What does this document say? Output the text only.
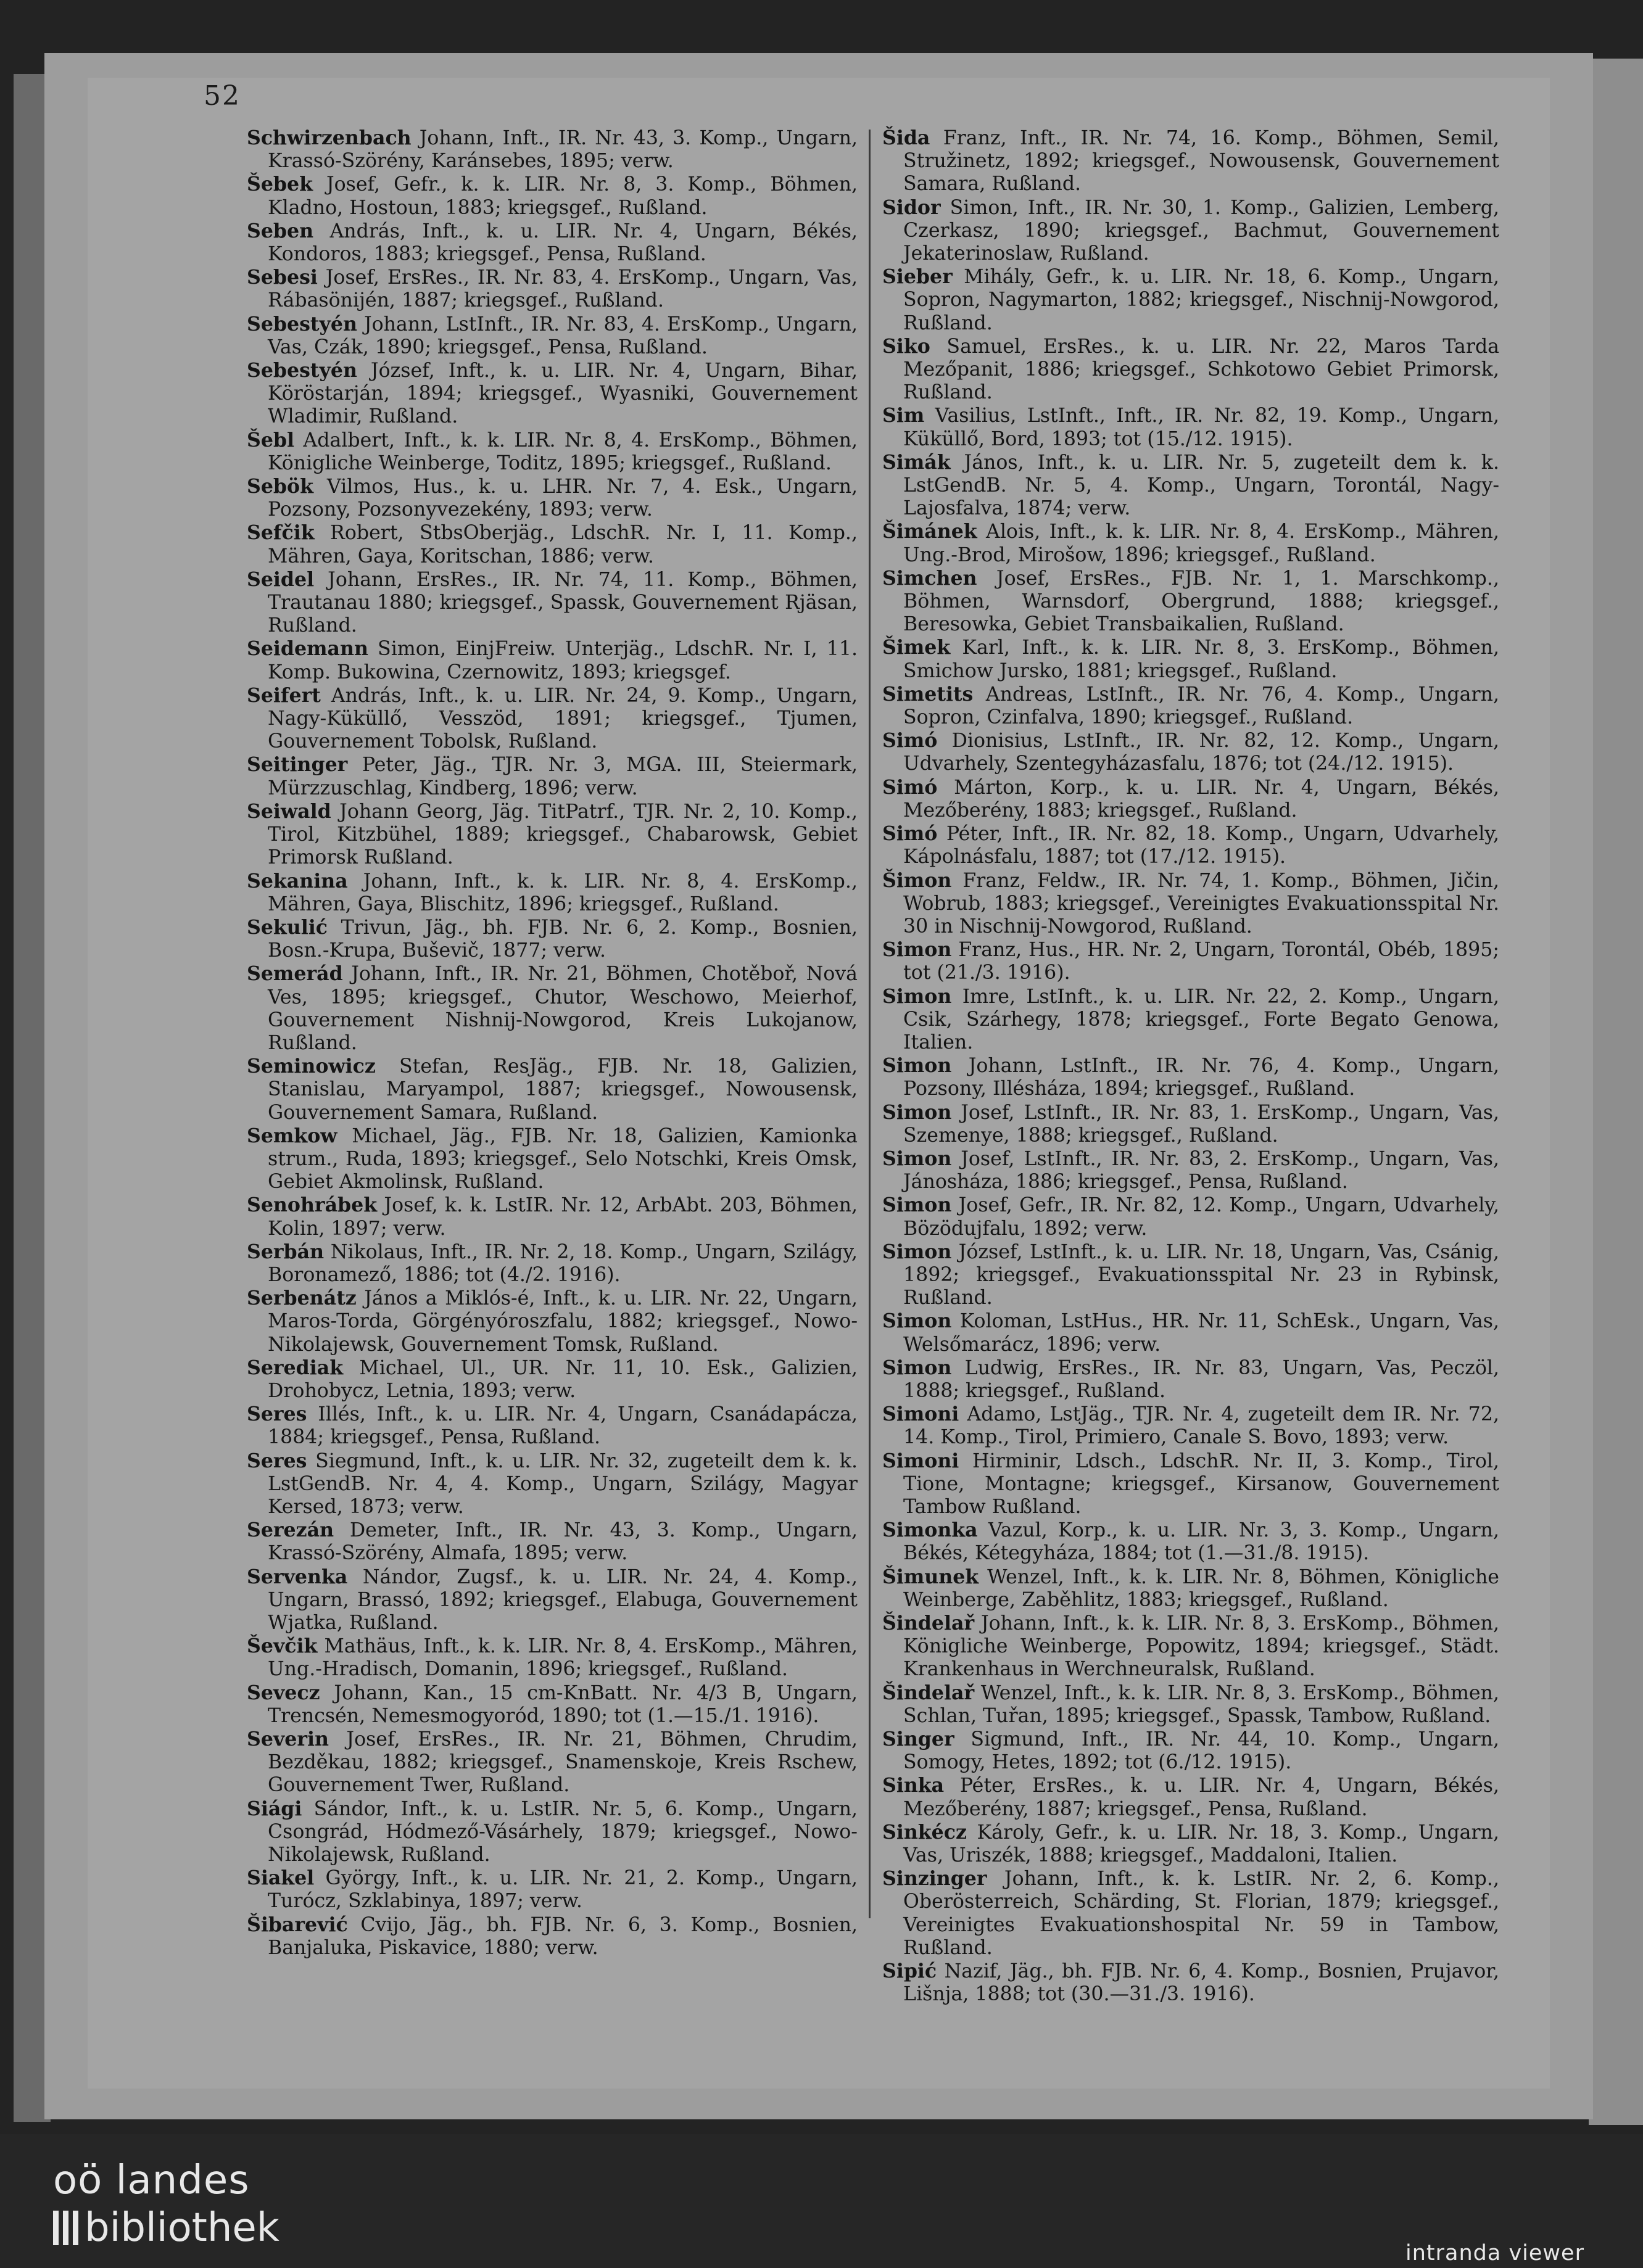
52

Schwirzenbach Johann, Inft., IR. Nr. 43, 3. Komp., Ungarn, Krassó-Szörény, Karánsebes, 1895; verw.

Šebek Josef, Gefr., k. k. LIR. Nr. 8, 3. Komp., Böhmen, Kladno, Hostoun, 1883; kriegsgef., Rußland.

Seben András, Inft., k. u. LIR. Nr. 4, Ungarn, Békés, Kondoros, 1883; kriegsgef., Pensa, Rußland.

Sebesi Josef, ErsRes., IR. Nr. 83, 4. ErsKomp., Ungarn, Vas, Rábasönijén, 1887; kriegsgef., Rußland.

Sebestyén Johann, LstInft., IR. Nr. 83, 4. ErsKomp., Ungarn, Vas, Czák, 1890; kriegsgef., Pensa, Rußland.

Sebestyén József, Inft., k. u. LIR. Nr. 4, Ungarn, Bihar, Köröstarján, 1894; kriegsgef., Wyasniki, Gouvernement Wladimir, Rußland.

Šebl Adalbert, Inft., k. k. LIR. Nr. 8, 4. ErsKomp., Böhmen, Königliche Weinberge, Toditz, 1895; kriegsgef., Rußland.

Sebök Vilmos, Hus., k. u. LHR. Nr. 7, 4. Esk., Ungarn, Pozsony, Pozsonyvezekény, 1893; verw.

Sefčik Robert, StbsOberjäg., LdschR. Nr. I, 11. Komp., Mähren, Gaya, Koritschan, 1886; verw.

Seidel Johann, ErsRes., IR. Nr. 74, 11. Komp., Böhmen, Trautanau 1880; kriegsgef., Spassk, Gouvernement Rjäsan, Rußland.

Seidemann Simon, EinjFreiw. Unterjäg., LdschR. Nr. I, 11. Komp. Bukowina, Czernowitz, 1893; kriegsgef.

Seifert András, Inft., k. u. LIR. Nr. 24, 9. Komp., Ungarn, Nagy-Küküllő, Vesszöd, 1891; kriegsgef., Tjumen, Gouvernement Tobolsk, Rußland.

Seitinger Peter, Jäg., TJR. Nr. 3, MGA. III, Steiermark, Mürzzuschlag, Kindberg, 1896; verw.

Seiwald Johann Georg, Jäg. TitPatrf., TJR. Nr. 2, 10. Komp., Tirol, Kitzbühel, 1889; kriegsgef., Chabarowsk, Gebiet Primorsk Rußland.

Sekanina Johann, Inft., k. k. LIR. Nr. 8, 4. ErsKomp., Mähren, Gaya, Blischitz, 1896; kriegsgef., Rußland.

Sekulić Trivun, Jäg., bh. FJB. Nr. 6, 2. Komp., Bosnien, Bosn.-Krupa, Buševič, 1877; verw.

Semerád Johann, Inft., IR. Nr. 21, Böhmen, Chotěboř, Nová Ves, 1895; kriegsgef., Chutor, Weschowo, Meierhof, Gouvernement Nishnij-Nowgorod, Kreis Lukojanow, Rußland.

Seminowicz Stefan, ResJäg., FJB. Nr. 18, Galizien, Stanislau, Maryampol, 1887; kriegsgef., Nowousensk, Gouvernement Samara, Rußland.

Semkow Michael, Jäg., FJB. Nr. 18, Galizien, Kamionka strum., Ruda, 1893; kriegsgef., Selo Notschki, Kreis Omsk, Gebiet Akmolinsk, Rußland.

Senohrábek Josef, k. k. LstIR. Nr. 12, ArbAbt. 203, Böhmen, Kolin, 1897; verw.

Serbán Nikolaus, Inft., IR. Nr. 2, 18. Komp., Ungarn, Szilágy, Boronamező, 1886; tot (4./2. 1916).

Serbenátz János a Miklós-é, Inft., k. u. LIR. Nr. 22, Ungarn, Maros-Torda, Görgényóroszfalu, 1882; kriegsgef., Nowo-Nikolajewsk, Gouvernement Tomsk, Rußland.

Serediak Michael, Ul., UR. Nr. 11, 10. Esk., Galizien, Drohobycz, Letnia, 1893; verw.

Seres Illés, Inft., k. u. LIR. Nr. 4, Ungarn, Csanádapácza, 1884; kriegsgef., Pensa, Rußland.

Seres Siegmund, Inft., k. u. LIR. Nr. 32, zugeteilt dem k. k. LstGendB. Nr. 4, 4. Komp., Ungarn, Szilágy, Magyar Kersed, 1873; verw.

Serezán Demeter, Inft., IR. Nr. 43, 3. Komp., Ungarn, Krassó-Szörény, Almafa, 1895; verw.

Servenka Nándor, Zugsf., k. u. LIR. Nr. 24, 4. Komp., Ungarn, Brassó, 1892; kriegsgef., Elabuga, Gouvernement Wjatka, Rußland.

Ševčik Mathäus, Inft., k. k. LIR. Nr. 8, 4. ErsKomp., Mähren, Ung.-Hradisch, Domanin, 1896; kriegsgef., Rußland.

Sevecz Johann, Kan., 15 cm-KnBatt. Nr. 4/3 B, Ungarn, Trencsén, Nemesmogyoród, 1890; tot (1.—15./1. 1916).

Severin Josef, ErsRes., IR. Nr. 21, Böhmen, Chrudim, Bezděkau, 1882; kriegsgef., Snamenskoje, Kreis Rschew, Gouvernement Twer, Rußland.

Siági Sándor, Inft., k. u. LstIR. Nr. 5, 6. Komp., Ungarn, Csongrád, Hódmező-Vásárhely, 1879; kriegsgef., Nowo-Nikolajewsk, Rußland.

Siakel György, Inft., k. u. LIR. Nr. 21, 2. Komp., Ungarn, Turócz, Szklabinya, 1897; verw.

Šibarević Cvijo, Jäg., bh. FJB. Nr. 6, 3. Komp., Bosnien, Banjaluka, Piskavice, 1880; verw.

Šida Franz, Inft., IR. Nr. 74, 16. Komp., Böhmen, Semil, Stružinetz, 1892; kriegsgef., Nowousensk, Gouvernement Samara, Rußland.

Sidor Simon, Inft., IR. Nr. 30, 1. Komp., Galizien, Lemberg, Czerkasz, 1890; kriegsgef., Bachmut, Gouvernement Jekaterinoslaw, Rußland.

Sieber Mihály, Gefr., k. u. LIR. Nr. 18, 6. Komp., Ungarn, Sopron, Nagymarton, 1882; kriegsgef., Nischnij-Nowgorod, Rußland.

Siko Samuel, ErsRes., k. u. LIR. Nr. 22, Maros Tarda Mezőpanit, 1886; kriegsgef., Schkotowo Gebiet Primorsk, Rußland.

Sim Vasilius, LstInft., Inft., IR. Nr. 82, 19. Komp., Ungarn, Küküllő, Bord, 1893; tot (15./12. 1915).

Simák János, Inft., k. u. LIR. Nr. 5, zugeteilt dem k. k. LstGendB. Nr. 5, 4. Komp., Ungarn, Torontál, Nagy-Lajosfalva, 1874; verw.

Šimánek Alois, Inft., k. k. LIR. Nr. 8, 4. ErsKomp., Mähren, Ung.-Brod, Mirošow, 1896; kriegsgef., Rußland.

Simchen Josef, ErsRes., FJB. Nr. 1, 1. Marschkomp., Böhmen, Warnsdorf, Obergrund, 1888; kriegsgef., Beresowka, Gebiet Transbaikalien, Rußland.

Šimek Karl, Inft., k. k. LIR. Nr. 8, 3. ErsKomp., Böhmen, Smichow Jursko, 1881; kriegsgef., Rußland.

Simetits Andreas, LstInft., IR. Nr. 76, 4. Komp., Ungarn, Sopron, Czinfalva, 1890; kriegsgef., Rußland.

Simó Dionisius, LstInft., IR. Nr. 82, 12. Komp., Ungarn, Udvarhely, Szentegyházasfalu, 1876; tot (24./12. 1915).

Simó Márton, Korp., k. u. LIR. Nr. 4, Ungarn, Békés, Mezőberény, 1883; kriegsgef., Rußland.

Simó Péter, Inft., IR. Nr. 82, 18. Komp., Ungarn, Udvarhely, Kápolnásfalu, 1887; tot (17./12. 1915).

Šimon Franz, Feldw., IR. Nr. 74, 1. Komp., Böhmen, Jičin, Wobrub, 1883; kriegsgef., Vereinigtes Evakuationsspital Nr. 30 in Nischnij-Nowgorod, Rußland.

Simon Franz, Hus., HR. Nr. 2, Ungarn, Torontál, Obéb, 1895; tot (21./3. 1916).

Simon Imre, LstInft., k. u. LIR. Nr. 22, 2. Komp., Ungarn, Csik, Szárhegy, 1878; kriegsgef., Forte Begato Genowa, Italien.

Simon Johann, LstInft., IR. Nr. 76, 4. Komp., Ungarn, Pozsony, Illésháza, 1894; kriegsgef., Rußland.

Simon Josef, LstInft., IR. Nr. 83, 1. ErsKomp., Ungarn, Vas, Szemenye, 1888; kriegsgef., Rußland.

Simon Josef, LstInft., IR. Nr. 83, 2. ErsKomp., Ungarn, Vas, Jánosháza, 1886; kriegsgef., Pensa, Rußland.

Simon Josef, Gefr., IR. Nr. 82, 12. Komp., Ungarn, Udvarhely, Bözödujfalu, 1892; verw.

Simon József, LstInft., k. u. LIR. Nr. 18, Ungarn, Vas, Csánig, 1892; kriegsgef., Evakuationsspital Nr. 23 in Rybinsk, Rußland.

Simon Koloman, LstHus., HR. Nr. 11, SchEsk., Ungarn, Vas, Welsőmarácz, 1896; verw.

Simon Ludwig, ErsRes., IR. Nr. 83, Ungarn, Vas, Peczöl, 1888; kriegsgef., Rußland.

Simoni Adamo, LstJäg., TJR. Nr. 4, zugeteilt dem IR. Nr. 72, 14. Komp., Tirol, Primiero, Canale S. Bovo, 1893; verw.

Simoni Hirminir, Ldsch., LdschR. Nr. II, 3. Komp., Tirol, Tione, Montagne; kriegsgef., Kirsanow, Gouvernement Tambow Rußland.

Simonka Vazul, Korp., k. u. LIR. Nr. 3, 3. Komp., Ungarn, Békés, Kétegyháza, 1884; tot (1.—31./8. 1915).

Šimunek Wenzel, Inft., k. k. LIR. Nr. 8, Böhmen, Königliche Weinberge, Zaběhlitz, 1883; kriegsgef., Rußland.

Šindelař Johann, Inft., k. k. LIR. Nr. 8, 3. ErsKomp., Böhmen, Königliche Weinberge, Popowitz, 1894; kriegsgef., Städt. Krankenhaus in Werchneuralsk, Rußland.

Šindelař Wenzel, Inft., k. k. LIR. Nr. 8, 3. ErsKomp., Böhmen, Schlan, Tuřan, 1895; kriegsgef., Spassk, Tambow, Rußland.

Singer Sigmund, Inft., IR. Nr. 44, 10. Komp., Ungarn, Somogy, Hetes, 1892; tot (6./12. 1915).

Sinka Péter, ErsRes., k. u. LIR. Nr. 4, Ungarn, Békés, Mezőberény, 1887; kriegsgef., Pensa, Rußland.

Sinkécz Károly, Gefr., k. u. LIR. Nr. 18, 3. Komp., Ungarn, Vas, Uriszék, 1888; kriegsgef., Maddaloni, Italien.

Sinzinger Johann, Inft., k. k. LstIR. Nr. 2, 6. Komp., Oberösterreich, Schärding, St. Florian, 1879; kriegsgef., Vereinigtes Evakuationshospital Nr. 59 in Tambow, Rußland.

Sipić Nazif, Jäg., bh. FJB. Nr. 6, 4. Komp., Bosnien, Prujavor, Lišnja, 1888; tot (30.—31./3. 1916).

oö landes
bibliothek
intranda viewer
